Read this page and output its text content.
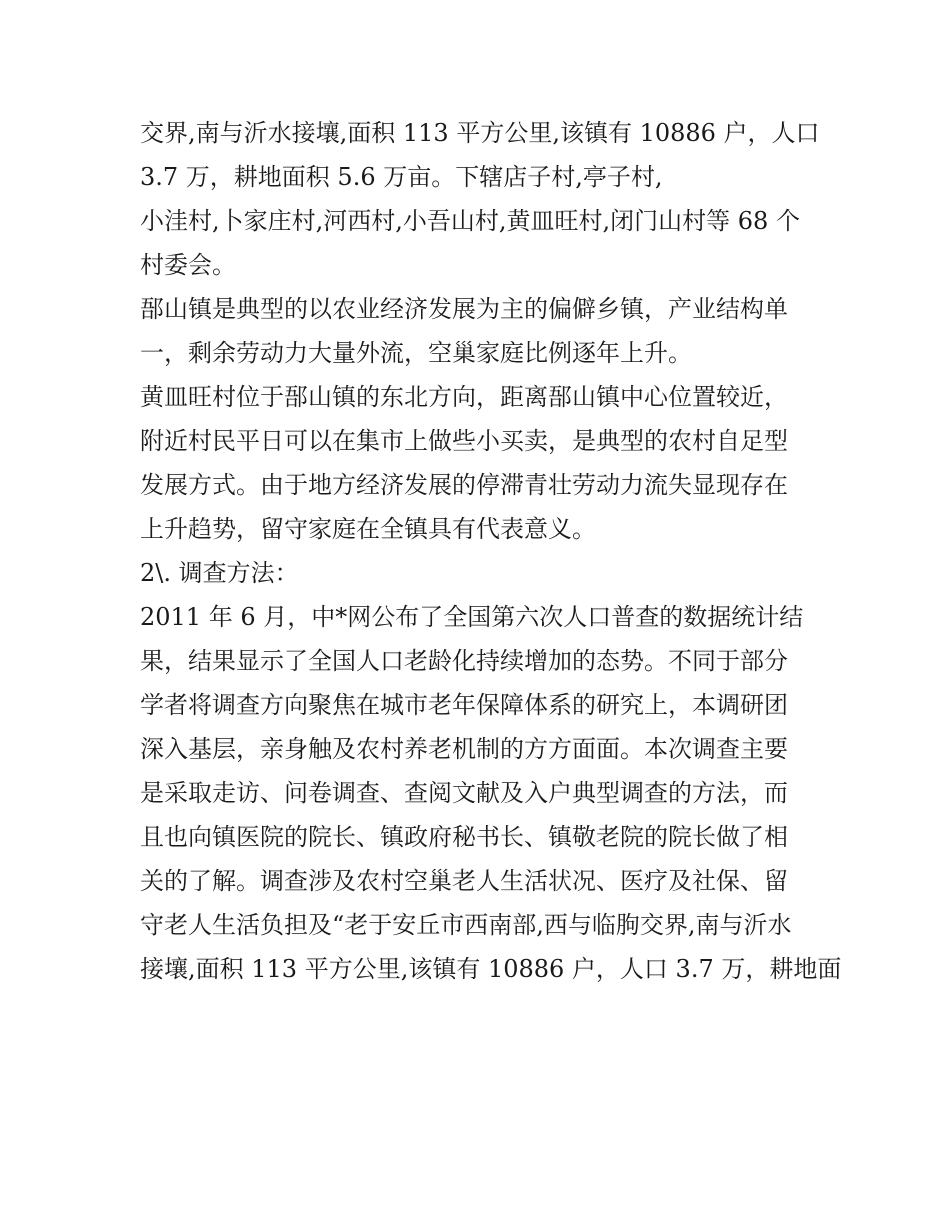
交界,南与沂水接壤,面积 113 平方公里,该镇有 10886 户，人口
3.7 万，耕地面积 5.6 万亩。下辖店子村,亭子村,
小洼村,卜家庄村,河西村,小吾山村,黄皿旺村,闭门山村等 68 个
村委会。
郚山镇是典型的以农业经济发展为主的偏僻乡镇，产业结构单
一，剩余劳动力大量外流，空巢家庭比例逐年上升。
黄皿旺村位于郚山镇的东北方向，距离郚山镇中心位置较近，
附近村民平日可以在集市上做些小买卖，是典型的农村自足型
发展方式。由于地方经济发展的停滞青壮劳动力流失显现存在
上升趋势，留守家庭在全镇具有代表意义。
2\. 调查方法：
2011 年 6 月，中*网公布了全国第六次人口普查的数据统计结
果，结果显示了全国人口老龄化持续增加的态势。不同于部分
学者将调查方向聚焦在城市老年保障体系的研究上，本调研团
深入基层，亲身触及农村养老机制的方方面面。本次调查主要
是采取走访、问卷调查、查阅文献及入户典型调查的方法，而
且也向镇医院的院长、镇政府秘书长、镇敬老院的院长做了相
关的了解。调查涉及农村空巢老人生活状况、医疗及社保、留
守老人生活负担及“老于安丘市西南部,西与临朐交界,南与沂水
接壤,面积 113 平方公里,该镇有 10886 户，人口 3.7 万，耕地面
